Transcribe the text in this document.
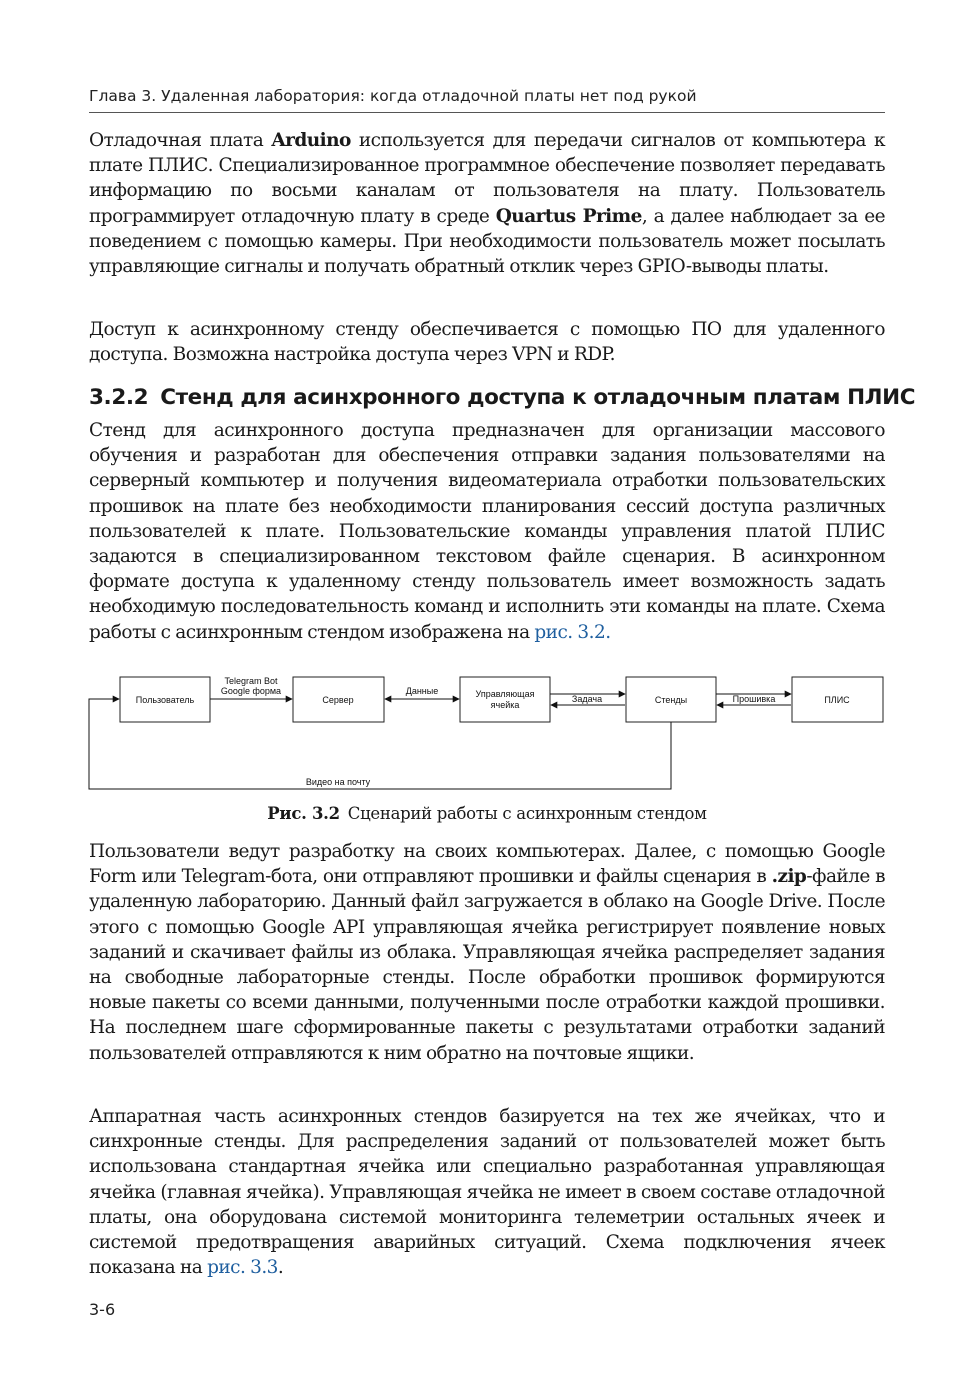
Глава 3. Удаленная лаборатория: когда отладочной платы нет под рукой

Отладочная плата Arduino используется для передачи сигналов от компьютера к плате ПЛИС. Специализированное программное обеспечение позволяет передавать информацию по восьми каналам от пользователя на плату. Пользователь программирует отладочную плату в среде Quartus Prime, а далее наблюдает за ее поведением с помощью камеры. При необходимости пользователь может посылать управляющие сигналы и получать обратный отклик через GPIO-выводы платы.

Доступ к асинхронному стенду обеспечивается с помощью ПО для удаленного доступа. Возможна настройка доступа через VPN и RDP.

3.2.2 Стенд для асинхронного доступа к отладочным платам ПЛИС

Стенд для асинхронного доступа предназначен для организации массового обучения и разработан для обеспечения отправки задания пользователями на серверный компьютер и получения видеоматериала отработки пользовательских прошивок на плате без необходимости планирования сессий доступа различных пользователей к плате. Пользовательские команды управления платой ПЛИС задаются в специализированном текстовом файле сценария. В асинхронном формате доступа к удаленному стенду пользователь имеет возможность задать необходимую последовательность команд и исполнить эти команды на плате. Схема работы с асинхронным стендом изображена на рис. 3.2.

Пользователь	Сервер
Управляющая
ячейка	Стенды	ПЛИС
Telegram Bot
Google форма	Данные
Задача	Прошивка
Видео на почту
Рис. 3.2 Сценарий работы с асинхронным стендом

Пользователи ведут разработку на своих компьютерах. Далее, с помощью Google Form или Telegram-бота, они отправляют прошивки и файлы сценария в .zip-файле в удаленную лабораторию. Данный файл загружается в облако на Google Drive. После этого с помощью Google API управляющая ячейка регистрирует появление новых заданий и скачивает файлы из облака. Управляющая ячейка распределяет задания на свободные лабораторные стенды. После обработки прошивок формируются новые пакеты со всеми данными, полученными после отработки каждой прошивки. На последнем шаге сформированные пакеты с результатами отработки заданий пользователей отправляются к ним обратно на почтовые ящики.

Аппаратная часть асинхронных стендов базируется на тех же ячейках, что и синхронные стенды. Для распределения заданий от пользователей может быть использована стандартная ячейка или специально разработанная управляющая ячейка (главная ячейка). Управляющая ячейка не имеет в своем составе отладочной платы, она оборудована системой мониторинга телеметрии остальных ячеек и системой предотвращения аварийных ситуаций. Схема подключения ячеек показана на рис. 3.3.

3-6
